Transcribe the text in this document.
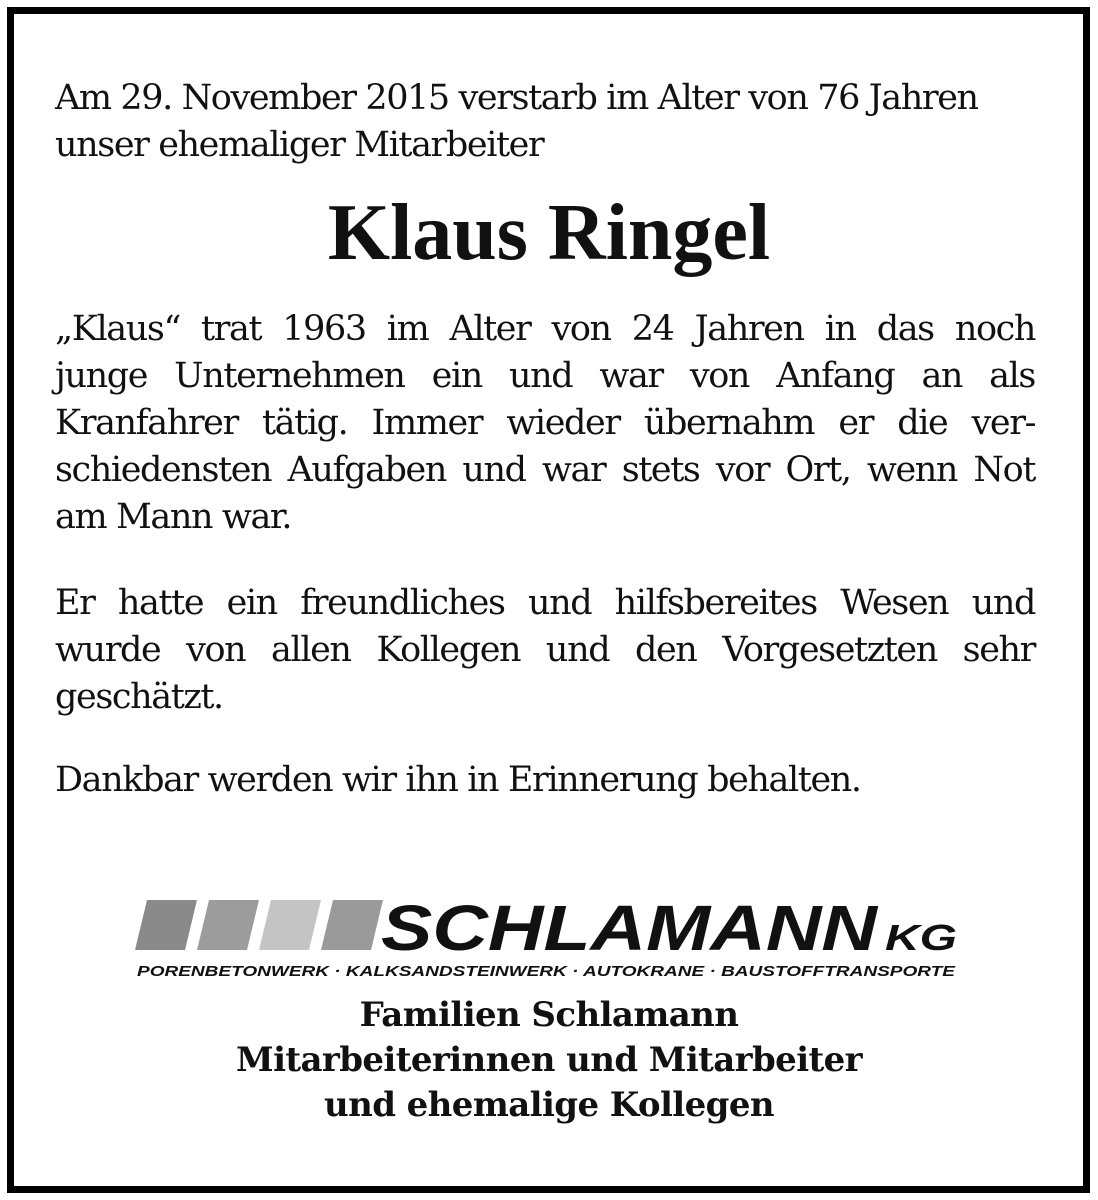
Am 29. November 2015 verstarb im Alter von 76 Jahren
unser ehemaliger Mitarbeiter
Klaus Ringel
„Klaus“ trat 1963 im Alter von 24 Jahren in das noch
junge Unternehmen ein und war von Anfang an als
Kranfahrer tätig. Immer wieder übernahm er die ver-
schiedensten Aufgaben und war stets vor Ort, wenn Not
am Mann war.
Er hatte ein freundliches und hilfsbereites Wesen und
wurde von allen Kollegen und den Vorgesetzten sehr
geschätzt.
Dankbar werden wir ihn in Erinnerung behalten.
SCHLAMANN KG
PORENBETONWERK · KALKSANDSTEINWERK · AUTOKRANE · BAUSTOFFTRANSPORTE
Familien Schlamann
Mitarbeiterinnen und Mitarbeiter
und ehemalige Kollegen
